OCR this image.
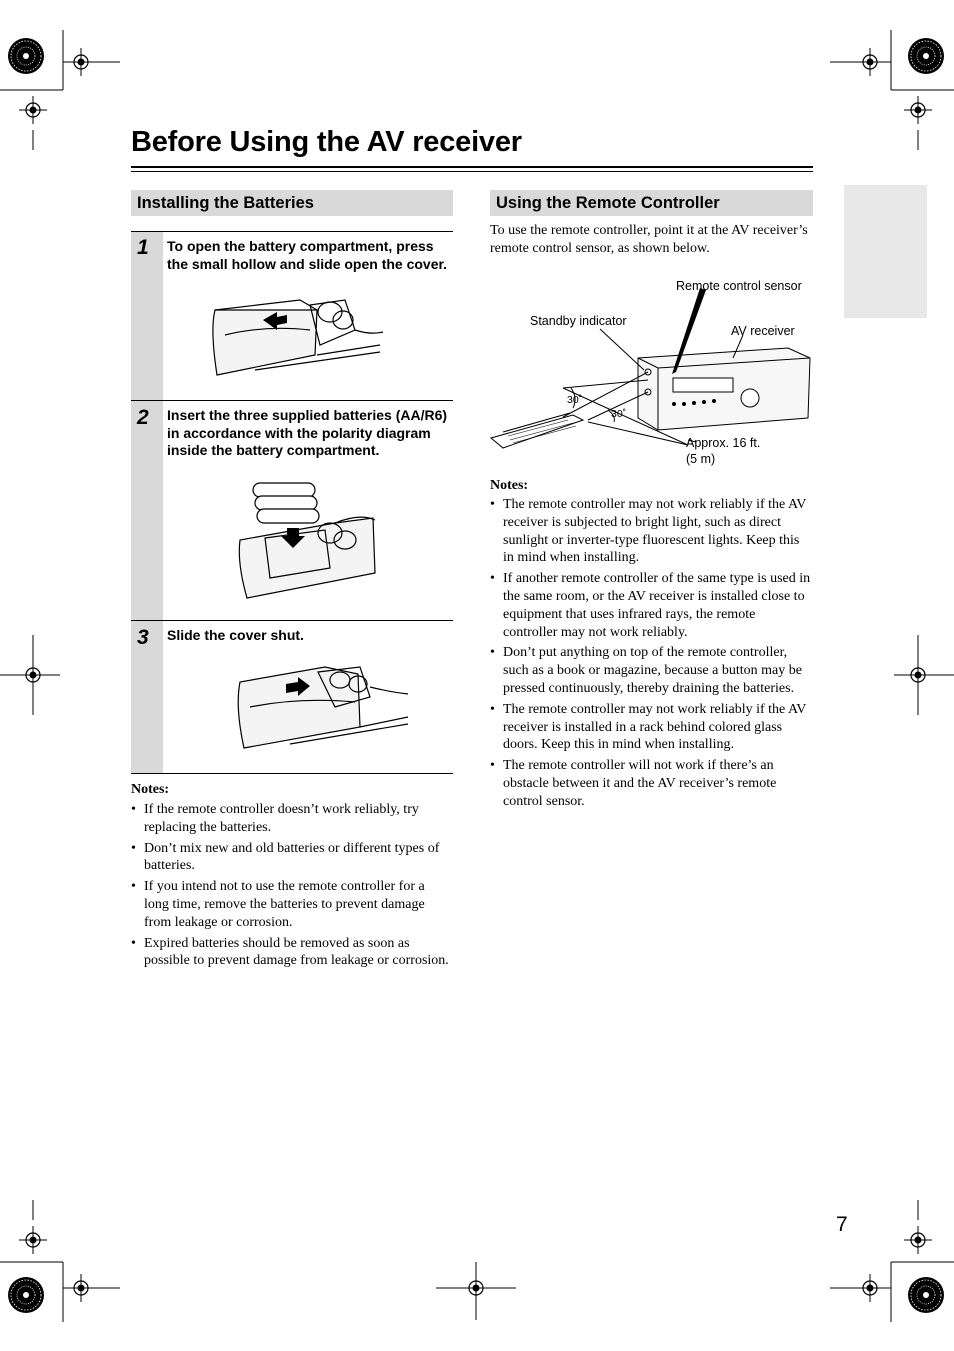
Before Using the AV receiver
Installing the Batteries
1 To open the battery compartment, press the small hollow and slide open the cover.
2 Insert the three supplied batteries (AA/R6) in accordance with the polarity diagram inside the battery compartment.
3 Slide the cover shut.
Notes:
• If the remote controller doesn’t work reliably, try replacing the batteries.
• Don’t mix new and old batteries or different types of batteries.
• If you intend not to use the remote controller for a long time, remove the batteries to prevent damage from leakage or corrosion.
• Expired batteries should be removed as soon as possible to prevent damage from leakage or corrosion.
Using the Remote Controller
To use the remote controller, point it at the AV receiver’s remote control sensor, as shown below.
Remote control sensor
Standby indicator
AV receiver
30˚
30˚
Approx. 16 ft.
(5 m)
Notes:
• The remote controller may not work reliably if the AV receiver is subjected to bright light, such as direct sunlight or inverter-type fluorescent lights. Keep this in mind when installing.
• If another remote controller of the same type is used in the same room, or the AV receiver is installed close to equipment that uses infrared rays, the remote controller may not work reliably.
• Don’t put anything on top of the remote controller, such as a book or magazine, because a button may be pressed continuously, thereby draining the batteries.
• The remote controller may not work reliably if the AV receiver is installed in a rack behind colored glass doors. Keep this in mind when installing.
• The remote controller will not work if there’s an obstacle between it and the AV receiver’s remote control sensor.
7
